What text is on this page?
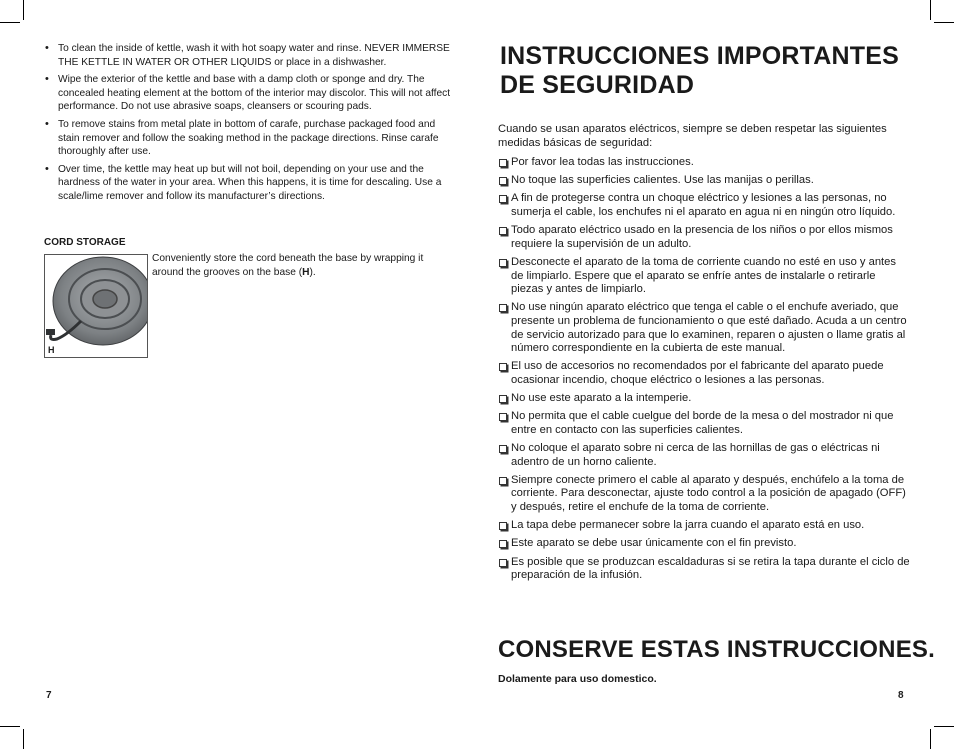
• To clean the inside of kettle, wash it with hot soapy water and rinse. NEVER IMMERSE THE KETTLE IN WATER OR OTHER LIQUIDS or place in a dishwasher.
• Wipe the exterior of the kettle and base with a damp cloth or sponge and dry. The concealed heating element at the bottom of the interior may discolor. This will not affect performance. Do not use abrasive soaps, cleansers or scouring pads.
• To remove stains from metal plate in bottom of carafe, purchase packaged food and stain remover and follow the soaking method in the package directions. Rinse carafe thoroughly after use.
• Over time, the kettle may heat up but will not boil, depending on your use and the hardness of the water in your area. When this happens, it is time for descaling. Use a scale/lime remover and follow its manufacturer’s directions.
CORD STORAGE
H
Conveniently store the cord beneath the base by wrapping it around the grooves on the base (H).
7
INSTRUCCIONES IMPORTANTES
DE SEGURIDAD
Cuando se usan aparatos eléctricos, siempre se deben respetar las siguientes medidas básicas de seguridad:
Por favor lea todas las instrucciones.
No toque las superficies calientes. Use las manijas o perillas.
A fin de protegerse contra un choque eléctrico y lesiones a las personas, no sumerja el cable, los enchufes ni el aparato en agua ni en ningún otro líquido.
Todo aparato eléctrico usado en la presencia de los niños o por ellos mismos requiere la supervisión de un adulto.
Desconecte el aparato de la toma de corriente cuando no esté en uso y antes de limpiarlo. Espere que el aparato se enfríe antes de instalarle o retirarle piezas y antes de limpiarlo.
No use ningún aparato eléctrico que tenga el cable o el enchufe averiado, que presente un problema de funcionamiento o que esté dañado. Acuda a un centro de servicio autorizado para que lo examinen, reparen o ajusten o llame gratis al número correspondiente en la cubierta de este manual.
El uso de accesorios no recomendados por el fabricante del aparato puede ocasionar incendio, choque eléctrico o lesiones a las personas.
No use este aparato a la intemperie.
No permita que el cable cuelgue del borde de la mesa o del mostrador ni que entre en contacto con las superficies calientes.
No coloque el aparato sobre ni cerca de las hornillas de gas o eléctricas ni adentro de un horno caliente.
Siempre conecte primero el cable al aparato y después, enchúfelo a la toma de corriente. Para desconectar, ajuste todo control a la posición de apagado (OFF) y después, retire el enchufe de la toma de corriente.
La tapa debe permanecer sobre la jarra cuando el aparato está en uso.
Este aparato se debe usar únicamente con el fin previsto.
Es posible que se produzcan escaldaduras si se retira la tapa durante el ciclo de preparación de la infusión.
CONSERVE ESTAS INSTRUCCIONES.
Dolamente para uso domestico.
8
